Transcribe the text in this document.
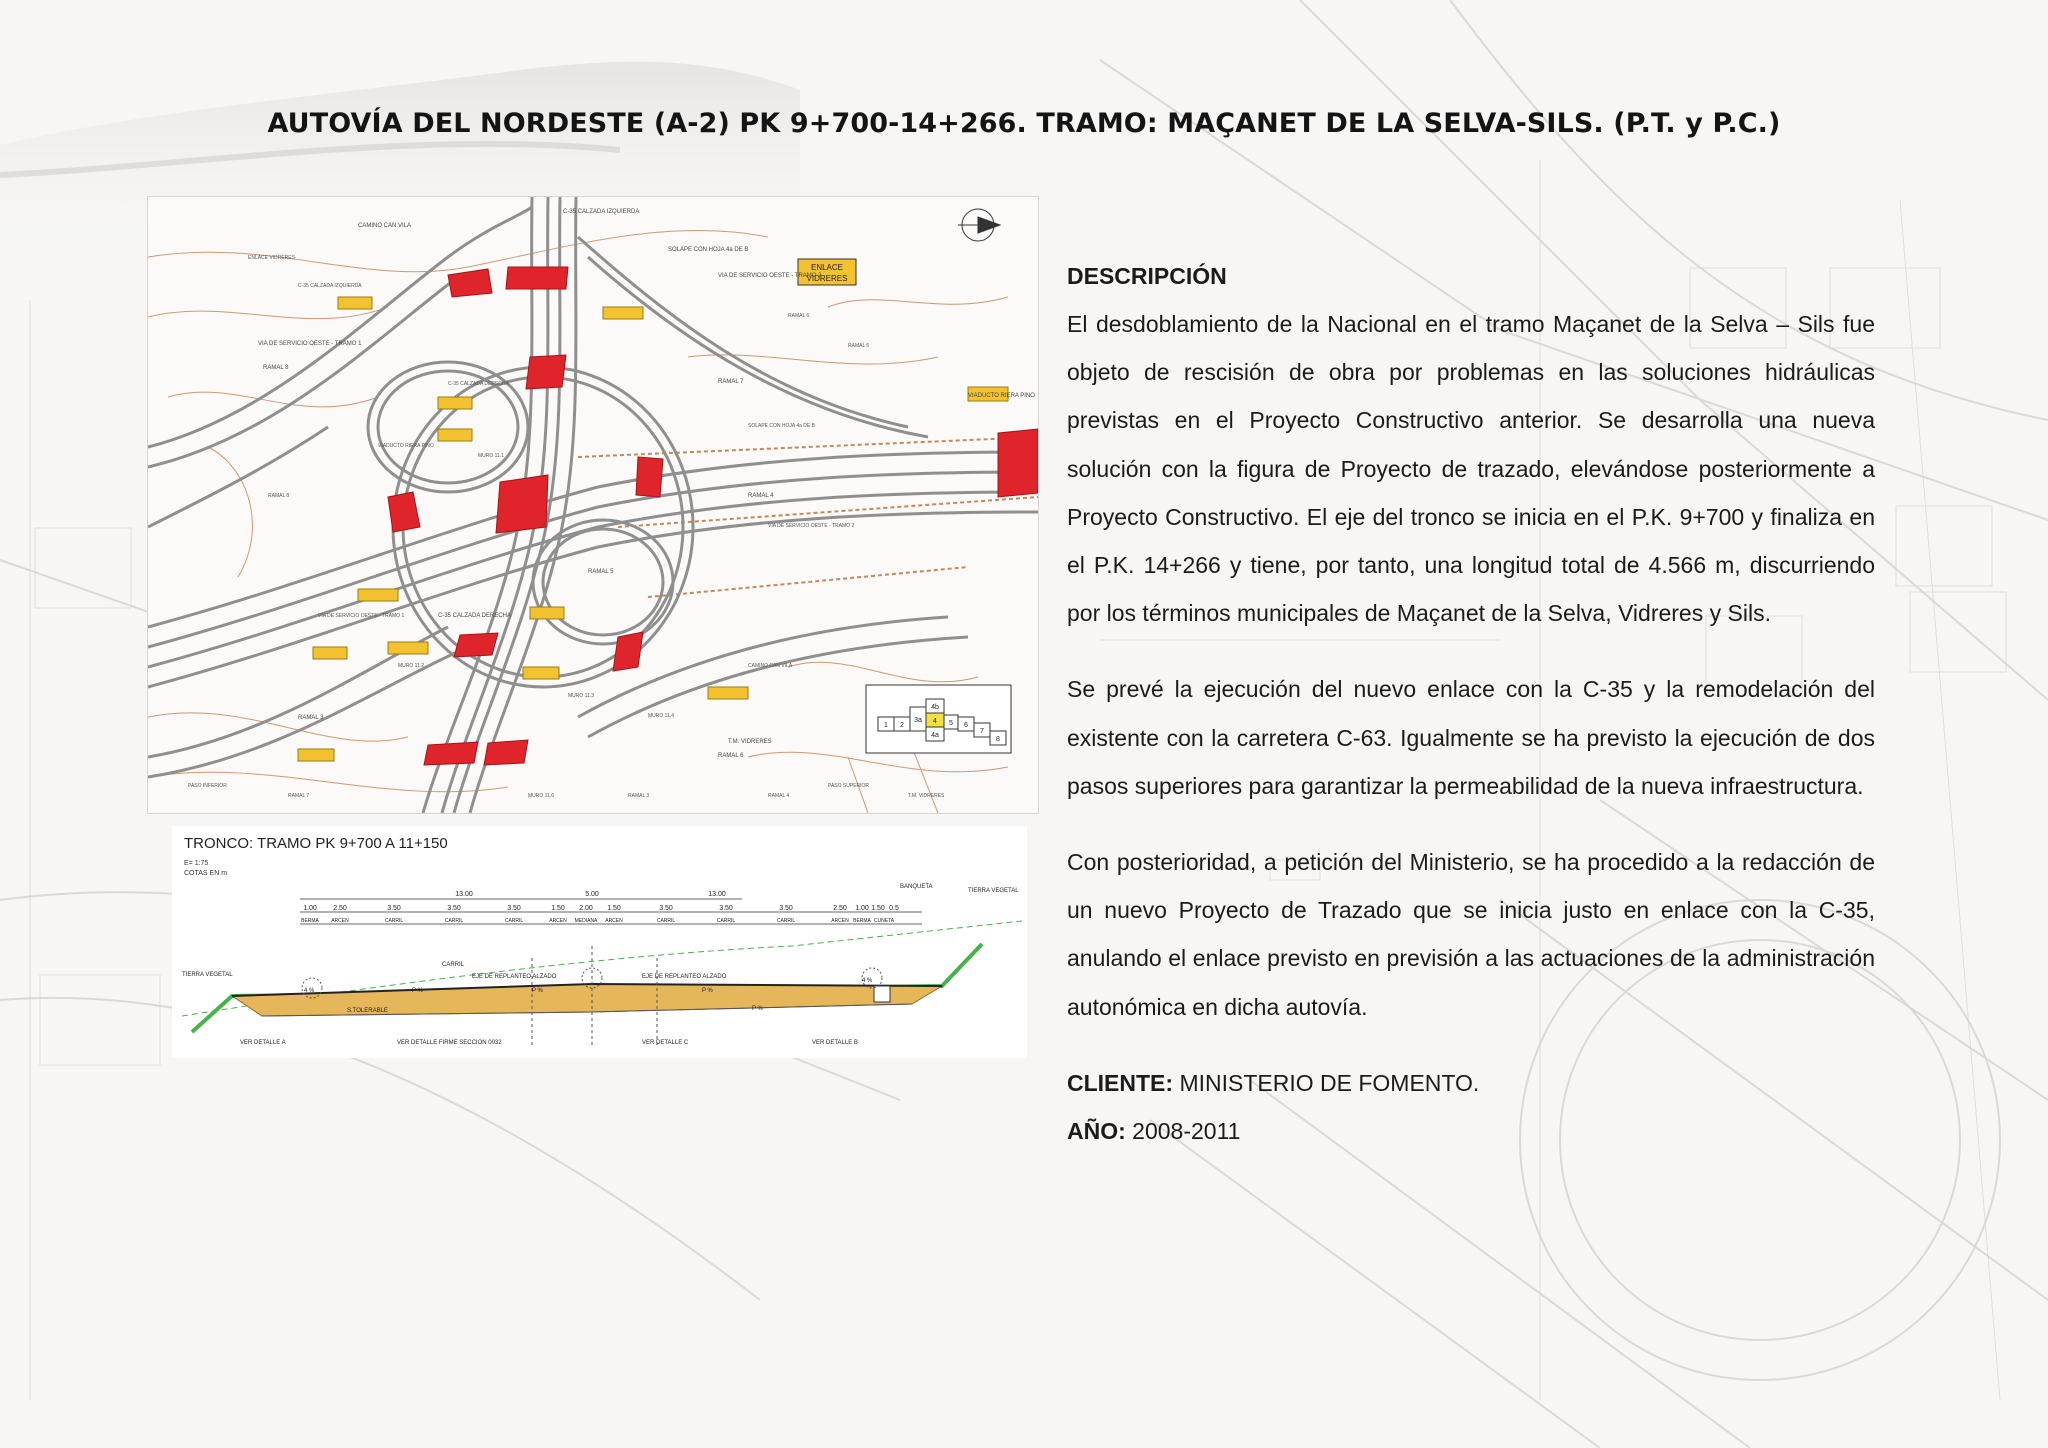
AUTOVÍA DEL NORDESTE (A-2) PK 9+700-14+266. TRAMO: MAÇANET DE LA SELVA-SILS. (P.T. y P.C.)
ENLACE
VIDRERES
C-35 CALZADA IZQUIERDA
SOLAPE CON HOJA 4a DE B
VIA DE SERVICIO OESTE - TRAMO 2
VIA DE SERVICIO OESTE - TRAMO 1
CAMINO CAN VILA
RAMAL 7
RAMAL 8
RAMAL 3
RAMAL 6
RAMAL 4
RAMAL 5
C-35 CALZADA DERECHA
T.M. VIDRERES
VIADUCTO RIERA PINO
1 2
3a
4b
4
4a
5 6
7
8
ENLACE VIDRERES
C-35 CALZADA IZQUIERDA
C-35 CALZADA DERECHA
SOLAPE CON HOJA 4a DE B
VIA DE SERVICIO OESTE - TRAMO 2
VIA DE SERVICIO OESTE - TRAMO 1
CAMINO CAN VILA
RAMAL 7	RAMAL 3	RAMAL 4
RAMAL 5
RAMAL 6
RAMAL 8
VIADUCTO RIERA PINO
MURO 11.1
MURO 11.2
MURO 11.3
MURO 11.4
MURO 11.6
PASO SUPERIOR
PASO INFERIOR
T.M. VIDRERES
TRONCO: TRAMO PK 9+700 A 11+150
E= 1:75
COTAS EN m
13.00	5.00	13.00
1.00 2.50	3.50	3.50	3.50	1.50 2.00 1.50	3.50	3.50	3.50	2.50 1.00 1.50 0.5
BERMA ARCEN	CARRIL	CARRIL	CARRIL	ARCEN MEDIANA ARCEN	CARRIL	CARRIL	CARRIL	ARCEN BERMA CUNETA
BANQUETA
TIERRA VEGETAL
TIERRA VEGETAL
CARRIL
EJE DE REPLANTEO ALZADO	EJE DE REPLANTEO ALZADO
S.TOLERABLE
VER DETALLE A	VER DETALLE FIRME SECCION 0032	VER DETALLE C	VER DETALLE B
4 %	P %	P %	P %
P %
4 %
DESCRIPCIÓN

El desdoblamiento de la Nacional en el tramo Maçanet de la Selva – Sils fue objeto de rescisión de obra por problemas en las soluciones hidráulicas previstas en el Proyecto Constructivo anterior. Se desarrolla una nueva solución con la figura de Proyecto de trazado, elevándose posteriormente a Proyecto Constructivo. El eje del tronco se inicia en el P.K. 9+700 y finaliza en el P.K. 14+266 y tiene, por tanto, una longitud total de 4.566 m, discurriendo por los términos municipales de Maçanet de la Selva, Vidreres y Sils.

Se prevé la ejecución del nuevo enlace con la C-35 y la remodelación del existente con la carretera C-63. Igualmente se ha previsto la ejecución de dos pasos superiores para garantizar la permeabilidad de la nueva infraestructura.

Con posterioridad, a petición del Ministerio, se ha procedido a la redacción de un nuevo Proyecto de Trazado que se inicia justo en enlace con la C-35, anulando el enlace previsto en previsión a las actuaciones de la administración autonómica en dicha autovía.

CLIENTE: MINISTERIO DE FOMENTO.
AÑO: 2008-2011
